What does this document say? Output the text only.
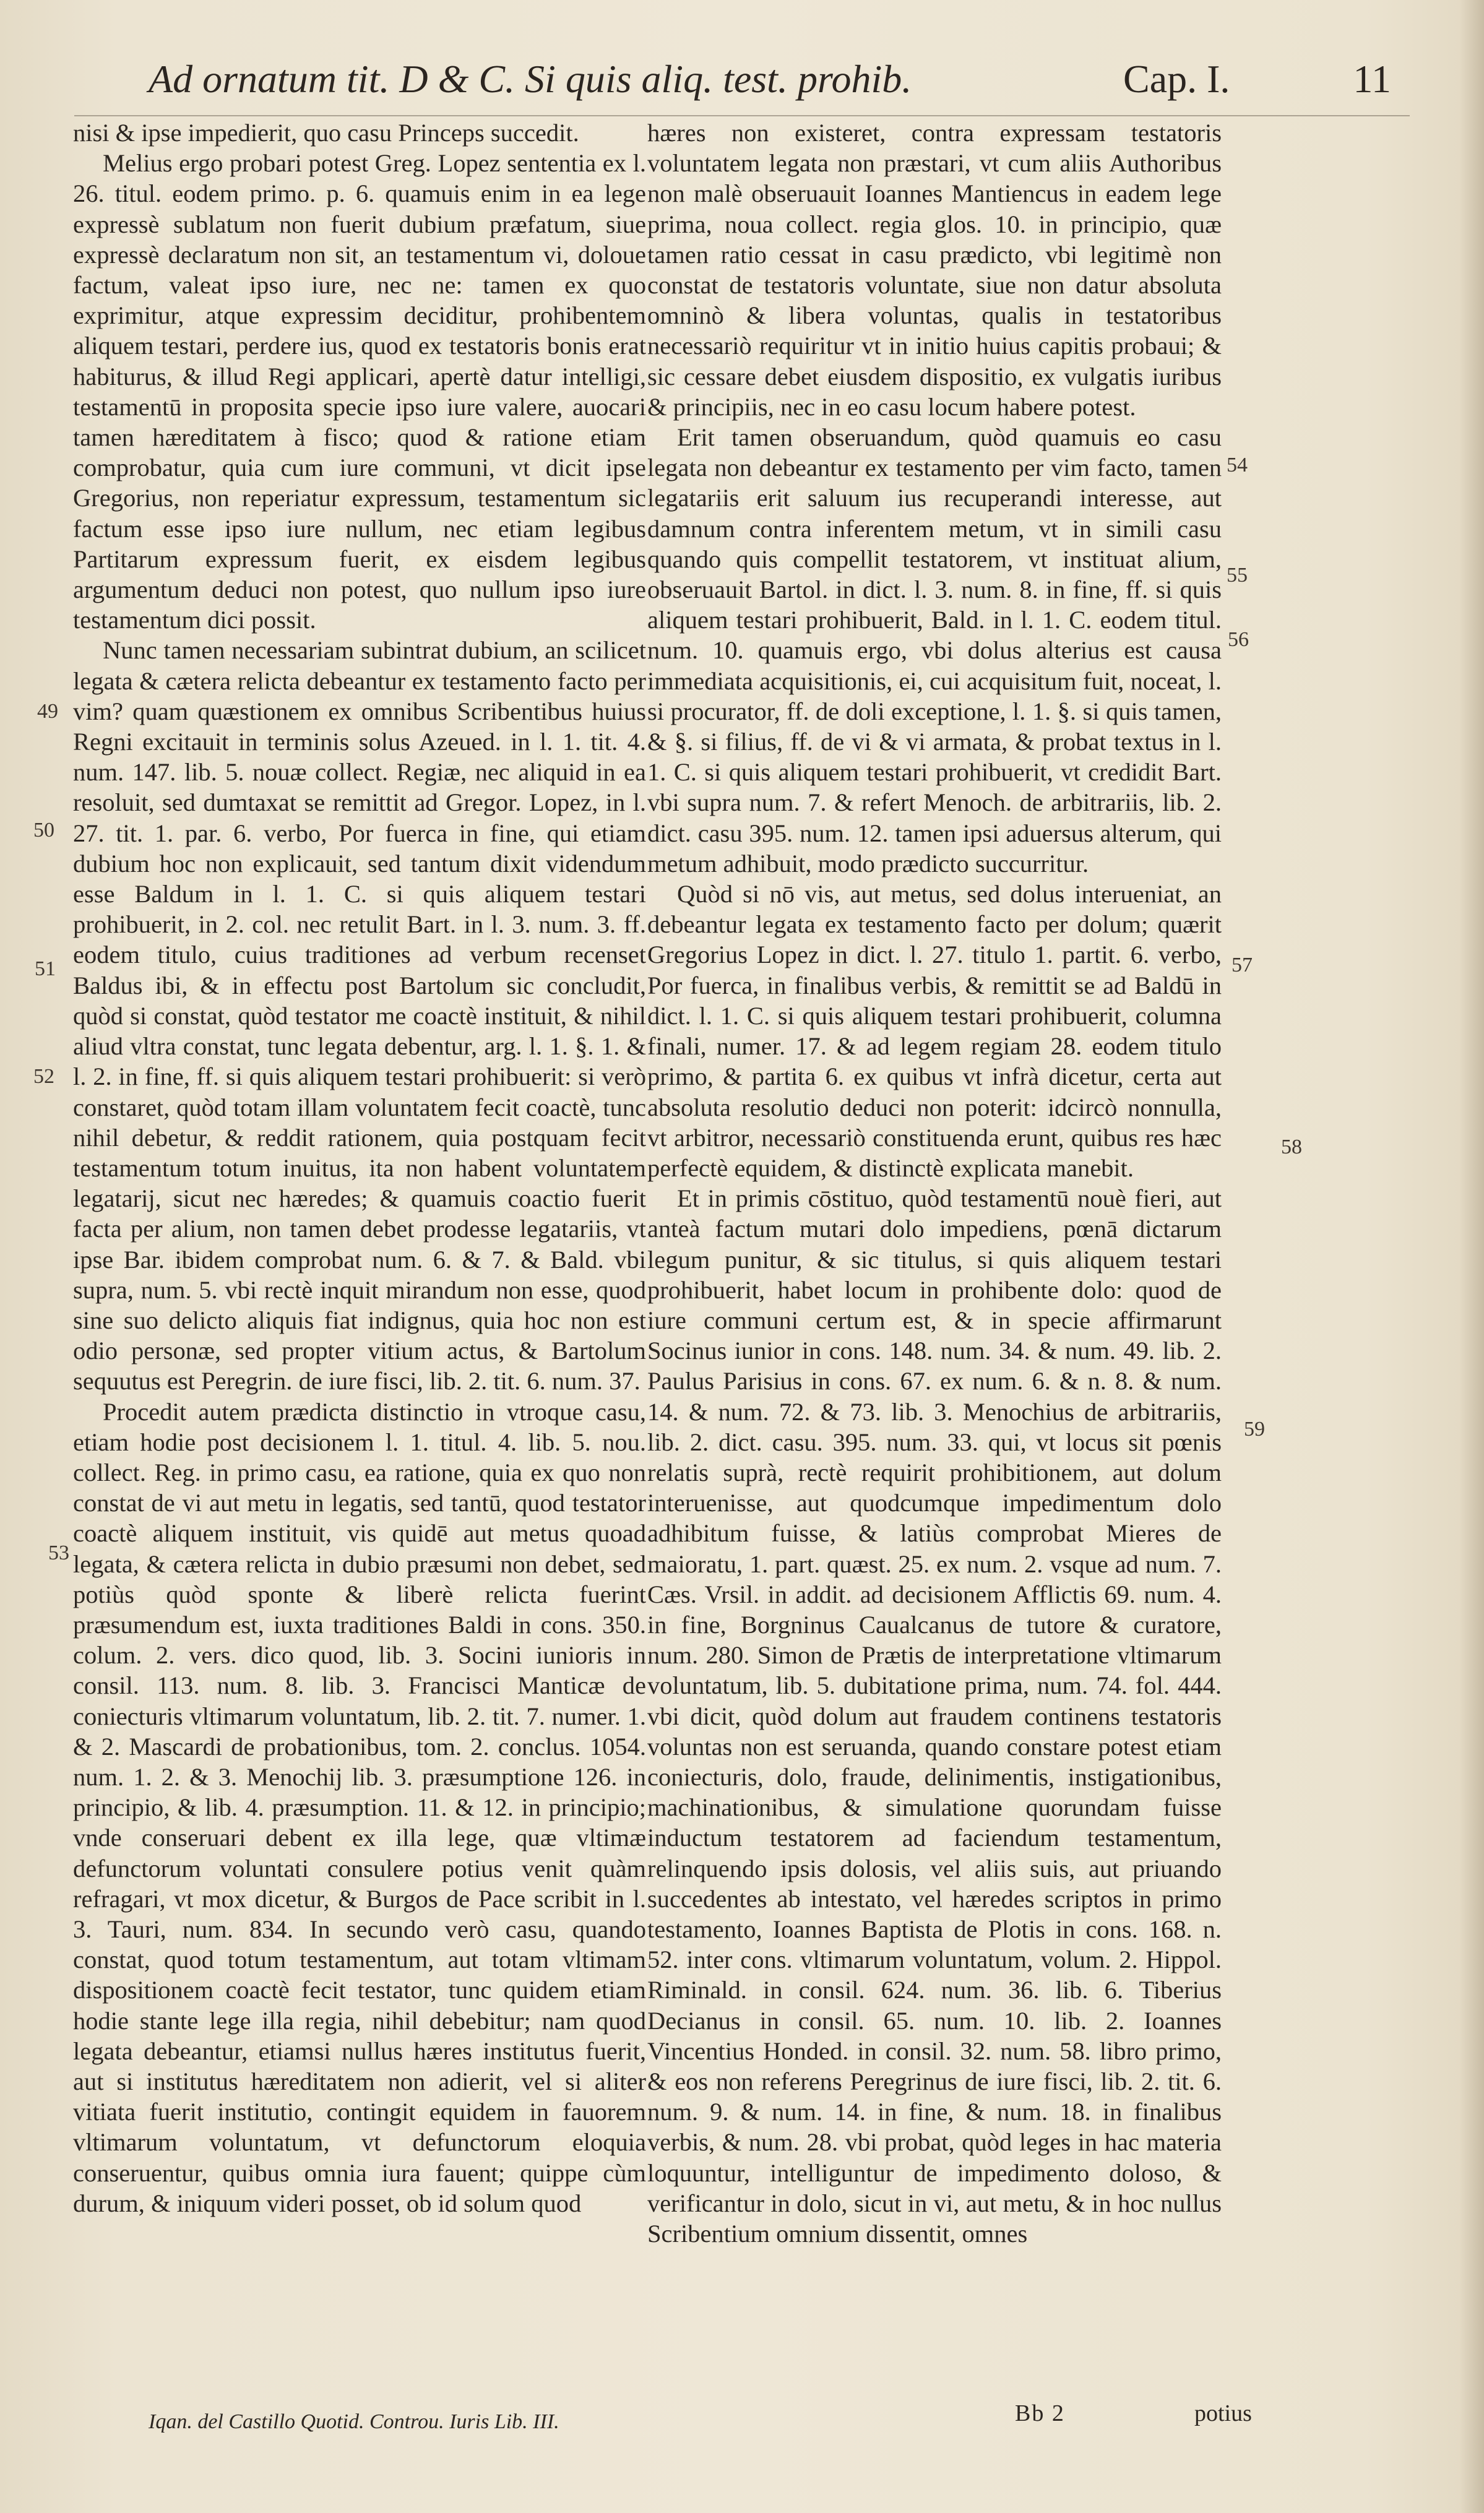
Ad ornatum tit. D & C. Si quis aliq. test. prohib.	Cap. I.	11

nisi & ipse impedierit, quo casu Princeps succedit.

Melius ergo probari potest Greg. Lopez sententia ex l. 26. titul. eodem primo. p. 6. quamuis enim in ea lege expressè sublatum non fuerit dubium præfatum, siue expressè declaratum non sit, an testamentum vi, doloue factum, valeat ipso iure, nec ne: tamen ex quo exprimitur, atque expressim deciditur, prohibentem aliquem testari, perdere ius, quod ex testatoris bonis erat habiturus, & illud Regi applicari, apertè datur intelligi, testamentū in proposita specie ipso iure valere, auocari tamen hæreditatem à fisco; quod & ratione etiam comprobatur, quia cum iure communi, vt dicit ipse Gregorius, non reperiatur expressum, testamentum sic factum esse ipso iure nullum, nec etiam legibus Partitarum expressum fuerit, ex eisdem legibus argumentum deduci non potest, quo nullum ipso iure testamentum dici possit.

Nunc tamen necessariam subintrat dubium, an scilicet legata & cætera relicta debeantur ex testamento facto per vim? quam quæstionem ex omnibus Scribentibus huius Regni excitauit in terminis solus Azeued. in l. 1. tit. 4. num. 147. lib. 5. nouæ collect. Regiæ, nec aliquid in ea resoluit, sed dumtaxat se remittit ad Gregor. Lopez, in l. 27. tit. 1. par. 6. verbo, Por fuerca in fine, qui etiam dubium hoc non explicauit, sed tantum dixit videndum esse Baldum in l. 1. C. si quis aliquem testari prohibuerit, in 2. col. nec retulit Bart. in l. 3. num. 3. ff. eodem titulo, cuius traditiones ad verbum recenset Baldus ibi, & in effectu post Bartolum sic concludit, quòd si constat, quòd testator me coactè instituit, & nihil aliud vltra constat, tunc legata debentur, arg. l. 1. §. 1. & l. 2. in fine, ff. si quis aliquem testari prohibuerit: si verò constaret, quòd totam illam voluntatem fecit coactè, tunc nihil debetur, & reddit rationem, quia postquam fecit testamentum totum inuitus, ita non habent voluntatem legatarij, sicut nec hæredes; & quamuis coactio fuerit facta per alium, non tamen debet prodesse legatariis, vt ipse Bar. ibidem comprobat num. 6. & 7. & Bald. vbi supra, num. 5. vbi rectè inquit mirandum non esse, quod sine suo delicto aliquis fiat indignus, quia hoc non est odio personæ, sed propter vitium actus, & Bartolum sequutus est Peregrin. de iure fisci, lib. 2. tit. 6. num. 37.

Procedit autem prædicta distinctio in vtroque casu, etiam hodie post decisionem l. 1. titul. 4. lib. 5. nou. collect. Reg. in primo casu, ea ratione, quia ex quo non constat de vi aut metu in legatis, sed tantū, quod testator coactè aliquem instituit, vis quidē aut metus quoad legata, & cætera relicta in dubio præsumi non debet, sed potiùs quòd sponte & liberè relicta fuerint præsumendum est, iuxta traditiones Baldi in cons. 350. colum. 2. vers. dico quod, lib. 3. Socini iunioris in consil. 113. num. 8. lib. 3. Francisci Manticæ de coniecturis vltimarum voluntatum, lib. 2. tit. 7. numer. 1. & 2. Mascardi de probationibus, tom. 2. conclus. 1054. num. 1. 2. & 3. Menochij lib. 3. præsumptione 126. in principio, & lib. 4. præsumption. 11. & 12. in principio; vnde conseruari debent ex illa lege, quæ vltimæ defunctorum voluntati consulere potius venit quàm refragari, vt mox dicetur, & Burgos de Pace scribit in l. 3. Tauri, num. 834. In secundo verò casu, quando constat, quod totum testamentum, aut totam vltimam dispositionem coactè fecit testator, tunc quidem etiam hodie stante lege illa regia, nihil debebitur; nam quod legata debeantur, etiamsi nullus hæres institutus fuerit, aut si institutus hæreditatem non adierit, vel si aliter vitiata fuerit institutio, contingit equidem in fauorem vltimarum voluntatum, vt defunctorum eloquia conseruentur, quibus omnia iura fauent; quippe cùm durum, & iniquum videri posset, ob id solum quod

49
50
51
52
53

hæres non existeret, contra expressam testatoris voluntatem legata non præstari, vt cum aliis Authoribus non malè obseruauit Ioannes Mantiencus in eadem lege prima, noua collect. regia glos. 10. in principio, quæ tamen ratio cessat in casu prædicto, vbi legitimè non constat de testatoris voluntate, siue non datur absoluta omninò & libera voluntas, qualis in testatoribus necessariò requiritur vt in initio huius capitis probaui; & sic cessare debet eiusdem dispositio, ex vulgatis iuribus & principiis, nec in eo casu locum habere potest.

Erit tamen obseruandum, quòd quamuis eo casu legata non debeantur ex testamento per vim facto, tamen legatariis erit saluum ius recuperandi interesse, aut damnum contra inferentem metum, vt in simili casu quando quis compellit testatorem, vt instituat alium, obseruauit Bartol. in dict. l. 3. num. 8. in fine, ff. si quis aliquem testari prohibuerit, Bald. in l. 1. C. eodem titul. num. 10. quamuis ergo, vbi dolus alterius est causa immediata acquisitionis, ei, cui acquisitum fuit, noceat, l. si procurator, ff. de doli exceptione, l. 1. §. si quis tamen, & §. si filius, ff. de vi & vi armata, & probat textus in l. 1. C. si quis aliquem testari prohibuerit, vt credidit Bart. vbi supra num. 7. & refert Menoch. de arbitrariis, lib. 2. dict. casu 395. num. 12. tamen ipsi aduersus alterum, qui metum adhibuit, modo prædicto succurritur.

Quòd si nō vis, aut metus, sed dolus interueniat, an debeantur legata ex testamento facto per dolum; quærit Gregorius Lopez in dict. l. 27. titulo 1. partit. 6. verbo, Por fuerca, in finalibus verbis, & remittit se ad Baldū in dict. l. 1. C. si quis aliquem testari prohibuerit, columna finali, numer. 17. & ad legem regiam 28. eodem titulo primo, & partita 6. ex quibus vt infrà dicetur, certa aut absoluta resolutio deduci non poterit: idcircò nonnulla, vt arbitror, necessariò constituenda erunt, quibus res hæc perfectè equidem, & distinctè explicata manebit.

Et in primis cōstituo, quòd testamentū nouè fieri, aut anteà factum mutari dolo impediens, pœnā dictarum legum punitur, & sic titulus, si quis aliquem testari prohibuerit, habet locum in prohibente dolo: quod de iure communi certum est, & in specie affirmarunt Socinus iunior in cons. 148. num. 34. & num. 49. lib. 2. Paulus Parisius in cons. 67. ex num. 6. & n. 8. & num. 14. & num. 72. & 73. lib. 3. Menochius de arbitrariis, lib. 2. dict. casu. 395. num. 33. qui, vt locus sit pœnis relatis suprà, rectè requirit prohibitionem, aut dolum interuenisse, aut quodcumque impedimentum dolo adhibitum fuisse, & latiùs comprobat Mieres de maioratu, 1. part. quæst. 25. ex num. 2. vsque ad num. 7. Cæs. Vrsil. in addit. ad decisionem Afflictis 69. num. 4. in fine, Borgninus Caualcanus de tutore & curatore, num. 280. Simon de Prætis de interpretatione vltimarum voluntatum, lib. 5. dubitatione prima, num. 74. fol. 444. vbi dicit, quòd dolum aut fraudem continens testatoris voluntas non est seruanda, quando constare potest etiam coniecturis, dolo, fraude, delinimentis, instigationibus, machinationibus, & simulatione quorundam fuisse inductum testatorem ad faciendum testamentum, relinquendo ipsis dolosis, vel aliis suis, aut priuando succedentes ab intestato, vel hæredes scriptos in primo testamento, Ioannes Baptista de Plotis in cons. 168. n. 52. inter cons. vltimarum voluntatum, volum. 2. Hippol. Riminald. in consil. 624. num. 36. lib. 6. Tiberius Decianus in consil. 65. num. 10. lib. 2. Ioannes Vincentius Honded. in consil. 32. num. 58. libro primo, & eos non referens Peregrinus de iure fisci, lib. 2. tit. 6. num. 9. & num. 14. in fine, & num. 18. in finalibus verbis, & num. 28. vbi probat, quòd leges in hac materia loquuntur, intelliguntur de impedimento doloso, & verificantur in dolo, sicut in vi, aut metu, & in hoc nullus Scribentium omnium dissentit, omnes

54
55
56
57
58
59
Iqan. del Castillo Quotid. Controu. Iuris Lib. III.	Bb 2	potius
